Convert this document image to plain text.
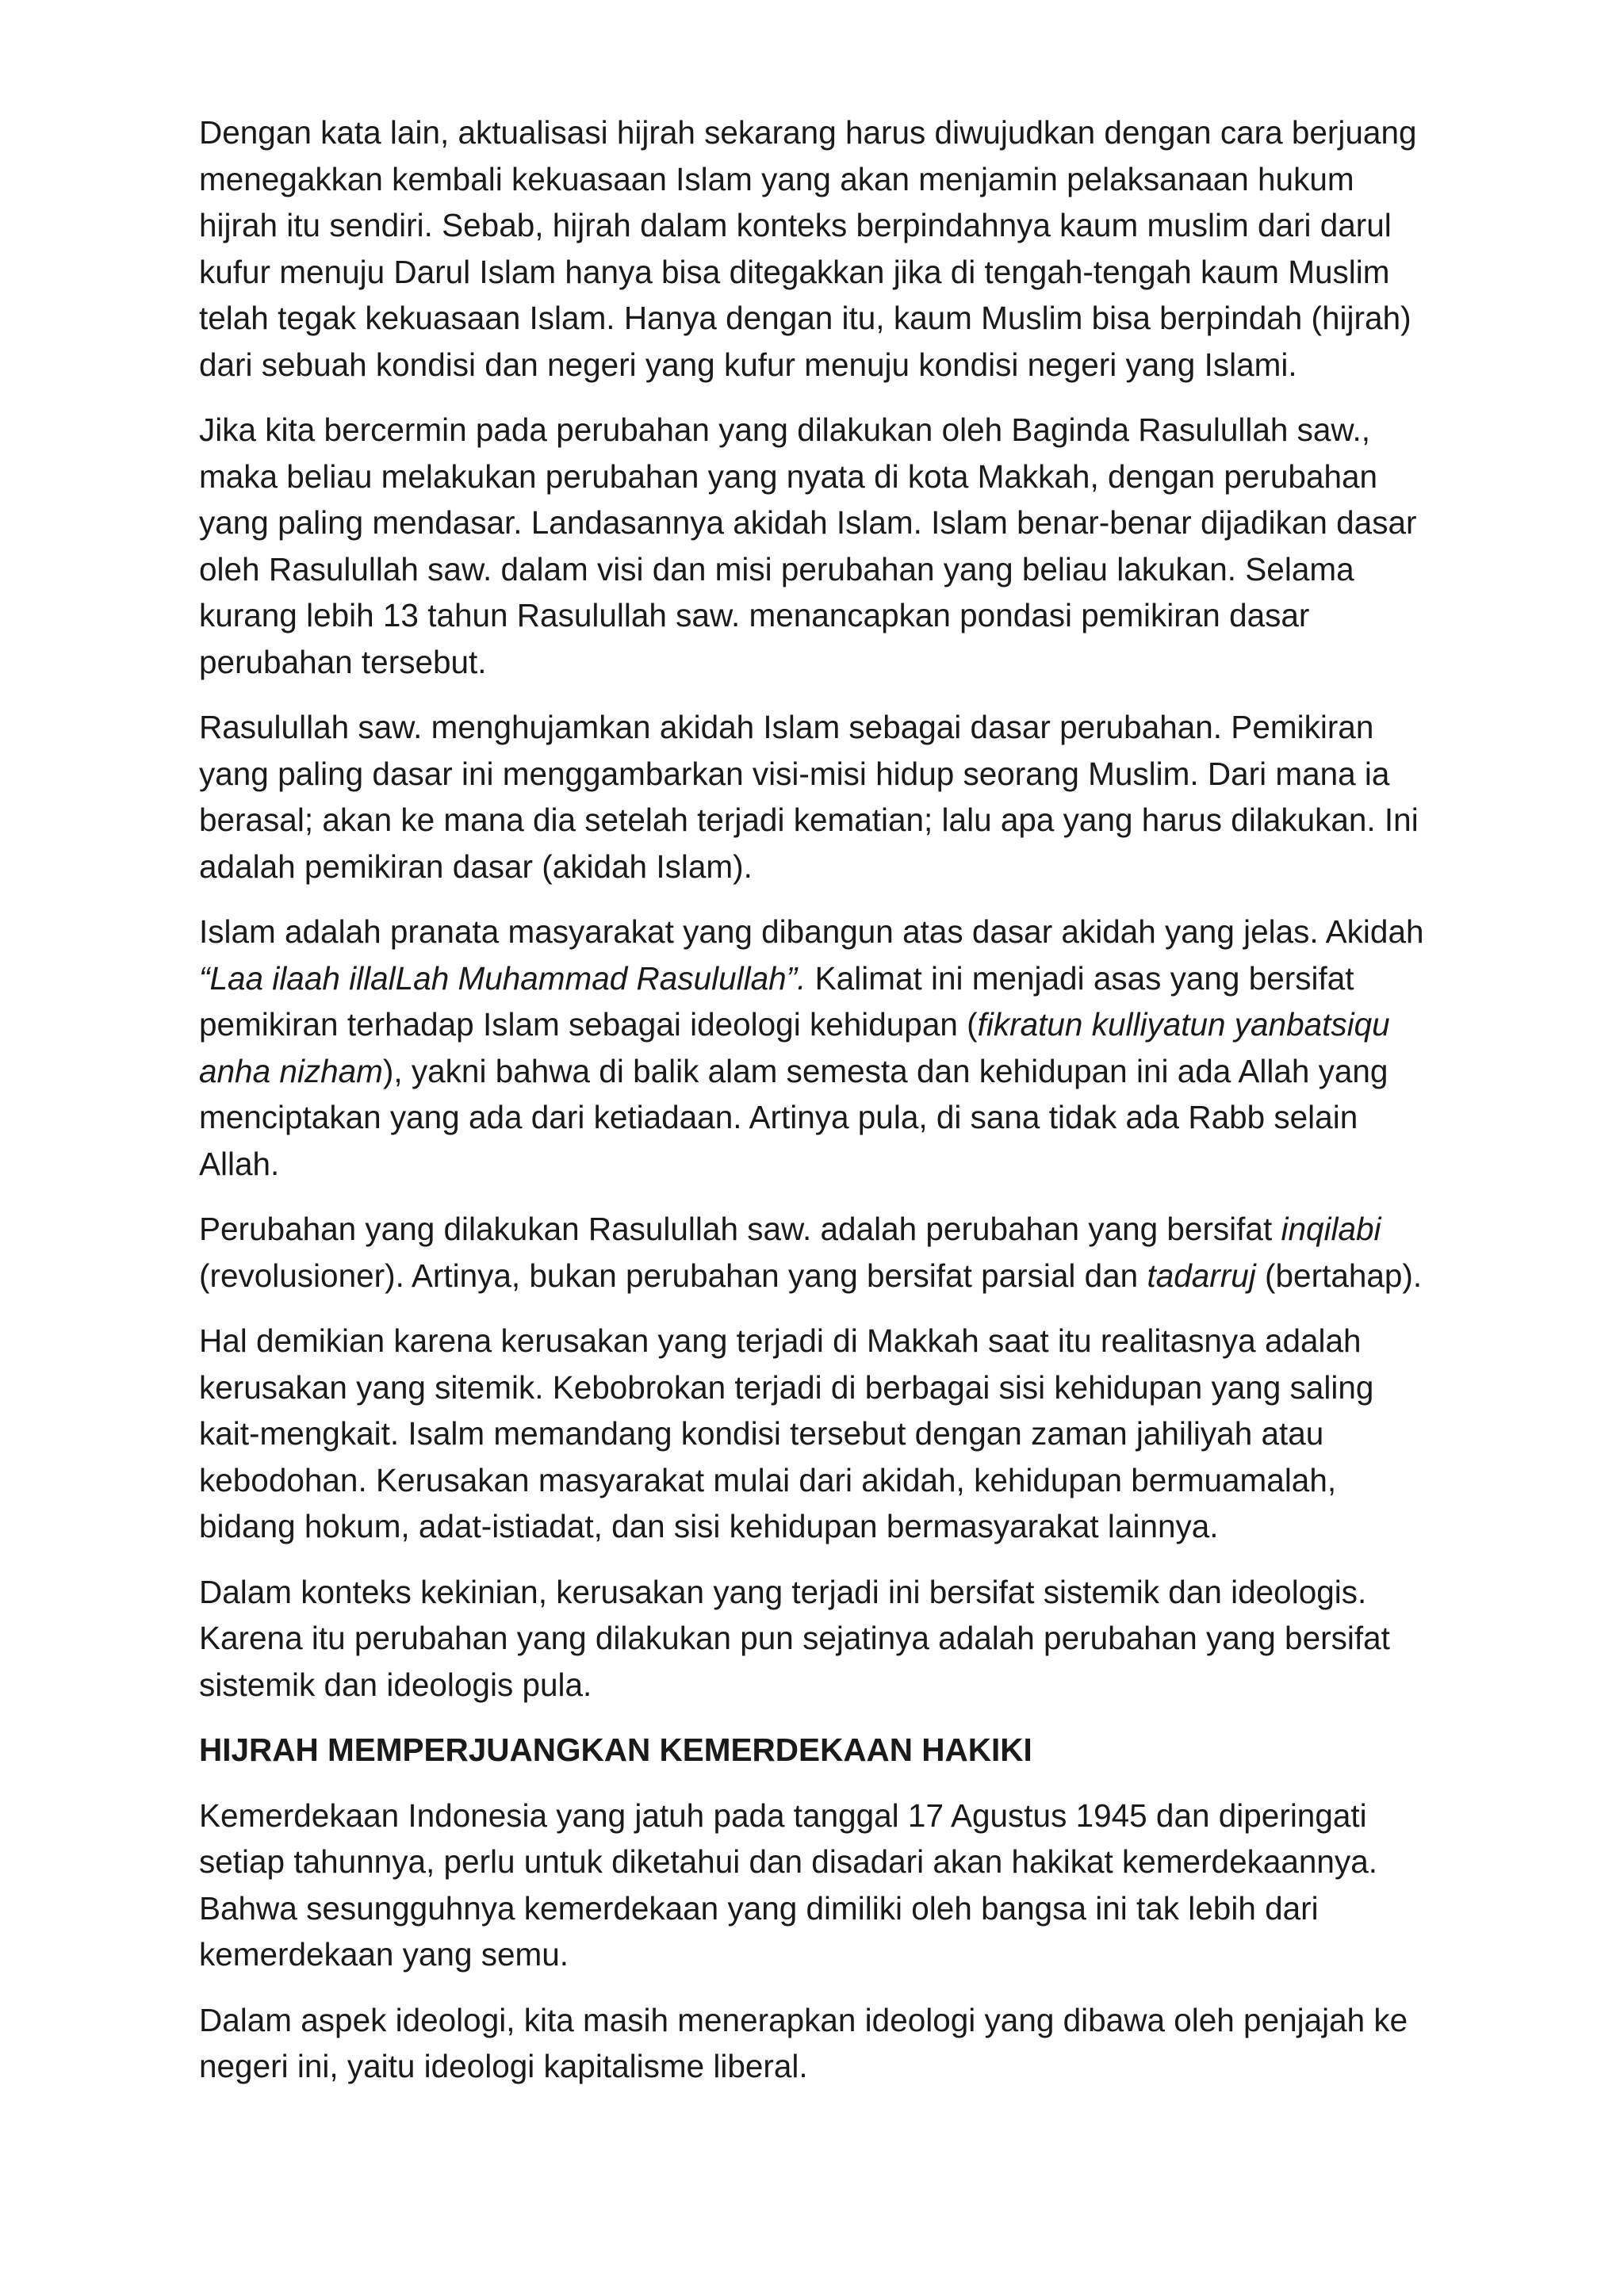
Dengan kata lain, aktualisasi hijrah sekarang harus diwujudkan dengan cara berjuang menegakkan kembali kekuasaan Islam yang akan menjamin pelaksanaan hukum hijrah itu sendiri. Sebab, hijrah dalam konteks berpindahnya kaum muslim dari darul kufur menuju Darul Islam hanya bisa ditegakkan jika di tengah-tengah kaum Muslim telah tegak kekuasaan Islam. Hanya dengan itu, kaum Muslim bisa berpindah (hijrah) dari sebuah kondisi dan negeri yang kufur menuju kondisi negeri yang Islami.

Jika kita bercermin pada perubahan yang dilakukan oleh Baginda Rasulullah saw., maka beliau melakukan perubahan yang nyata di kota Makkah, dengan perubahan yang paling mendasar. Landasannya akidah Islam. Islam benar-benar dijadikan dasar oleh Rasulullah saw. dalam visi dan misi perubahan yang beliau lakukan. Selama kurang lebih 13 tahun Rasulullah saw. menancapkan pondasi pemikiran dasar perubahan tersebut.

Rasulullah saw. menghujamkan akidah Islam sebagai dasar perubahan. Pemikiran yang paling dasar ini menggambarkan visi-misi hidup seorang Muslim. Dari mana ia berasal; akan ke mana dia setelah terjadi kematian; lalu apa yang harus dilakukan. Ini adalah pemikiran dasar (akidah Islam).

Islam adalah pranata masyarakat yang dibangun atas dasar akidah yang jelas. Akidah “Laa ilaah illalLah Muhammad Rasulullah”. Kalimat ini menjadi asas yang bersifat pemikiran terhadap Islam sebagai ideologi kehidupan (fikratun kulliyatun yanbatsiqu anha nizham), yakni bahwa di balik alam semesta dan kehidupan ini ada Allah yang menciptakan yang ada dari ketiadaan. Artinya pula, di sana tidak ada Rabb selain Allah.

Perubahan yang dilakukan Rasulullah saw. adalah perubahan yang bersifat inqilabi (revolusioner). Artinya, bukan perubahan yang bersifat parsial dan tadarruj (bertahap).

Hal demikian karena kerusakan yang terjadi di Makkah saat itu realitasnya adalah kerusakan yang sitemik. Kebobrokan terjadi di berbagai sisi kehidupan yang saling kait-mengkait. Isalm memandang kondisi tersebut dengan zaman jahiliyah atau kebodohan. Kerusakan masyarakat mulai dari akidah, kehidupan bermuamalah, bidang hokum, adat-istiadat, dan sisi kehidupan bermasyarakat lainnya.

Dalam konteks kekinian, kerusakan yang terjadi ini bersifat sistemik dan ideologis. Karena itu perubahan yang dilakukan pun sejatinya adalah perubahan yang bersifat sistemik dan ideologis pula.

HIJRAH MEMPERJUANGKAN KEMERDEKAAN HAKIKI

Kemerdekaan Indonesia yang jatuh pada tanggal 17 Agustus 1945 dan diperingati setiap tahunnya, perlu untuk diketahui dan disadari akan hakikat kemerdekaannya. Bahwa sesungguhnya kemerdekaan yang dimiliki oleh bangsa ini tak lebih dari kemerdekaan yang semu.

Dalam aspek ideologi, kita masih menerapkan ideologi yang dibawa oleh penjajah ke negeri ini, yaitu ideologi kapitalisme liberal.
